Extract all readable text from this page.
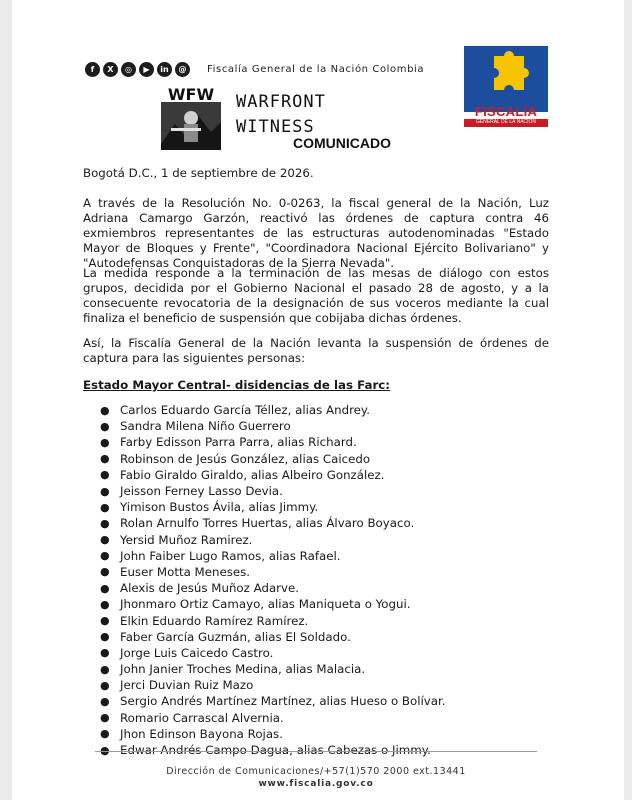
f	X	◎	▶	in	@	Fiscalía General de la Nación Colombia
WFW WARFRONT
WITNESS
COMUNICADO
FISCALÍA
GENERAL DE LA NACIÓN

Bogotá D.C., 1 de septiembre de 2026.

A través de la Resolución No. 0-0263, la fiscal general de la Nación, Luz Adriana Camargo Garzón, reactivó las órdenes de captura contra 46 exmiembros representantes de las estructuras autodenominadas "Estado Mayor de Bloques y Frente", "Coordinadora Nacional Ejército Bolivariano" y "Autodefensas Conquistadoras de la Sierra Nevada".

La medida responde a la terminación de las mesas de diálogo con estos grupos, decidida por el Gobierno Nacional el pasado 28 de agosto, y a la consecuente revocatoria de la designación de sus voceros mediante la cual finaliza el beneficio de suspensión que cobijaba dichas órdenes.

Así, la Fiscalía General de la Nación levanta la suspensión de órdenes de captura para las siguientes personas:

Estado Mayor Central- disidencias de las Farc:
● Carlos Eduardo García Téllez, alias Andrey.
● Sandra Milena Niño Guerrero
● Farby Edisson Parra Parra, alias Richard.
● Robinson de Jesús González, alias Caicedo
● Fabio Giraldo Giraldo, alias Albeiro González.
● Jeisson Ferney Lasso Devia.
● Yimison Bustos Ávila, alias Jimmy.
● Rolan Arnulfo Torres Huertas, alias Álvaro Boyaco.
● Yersid Muñoz Ramirez.
● John Faiber Lugo Ramos, alias Rafael.
● Euser Motta Meneses.
● Alexis de Jesús Muñoz Adarve.
● Jhonmaro Ortiz Camayo, alias Maniqueta o Yogui.
● Elkin Eduardo Ramírez Ramírez.
● Faber García Guzmán, alias El Soldado.
● Jorge Luis Caicedo Castro.
● John Janier Troches Medina, alias Malacia.
● Jerci Duvian Ruiz Mazo
● Sergio Andrés Martínez Martínez, alias Hueso o Bolívar.
● Romario Carrascal Alvernia.
● Jhon Edinson Bayona Rojas.
Dirección de Comunicaciones/+57(1)570 2000 ext.13441
www.fiscalia.gov.co
